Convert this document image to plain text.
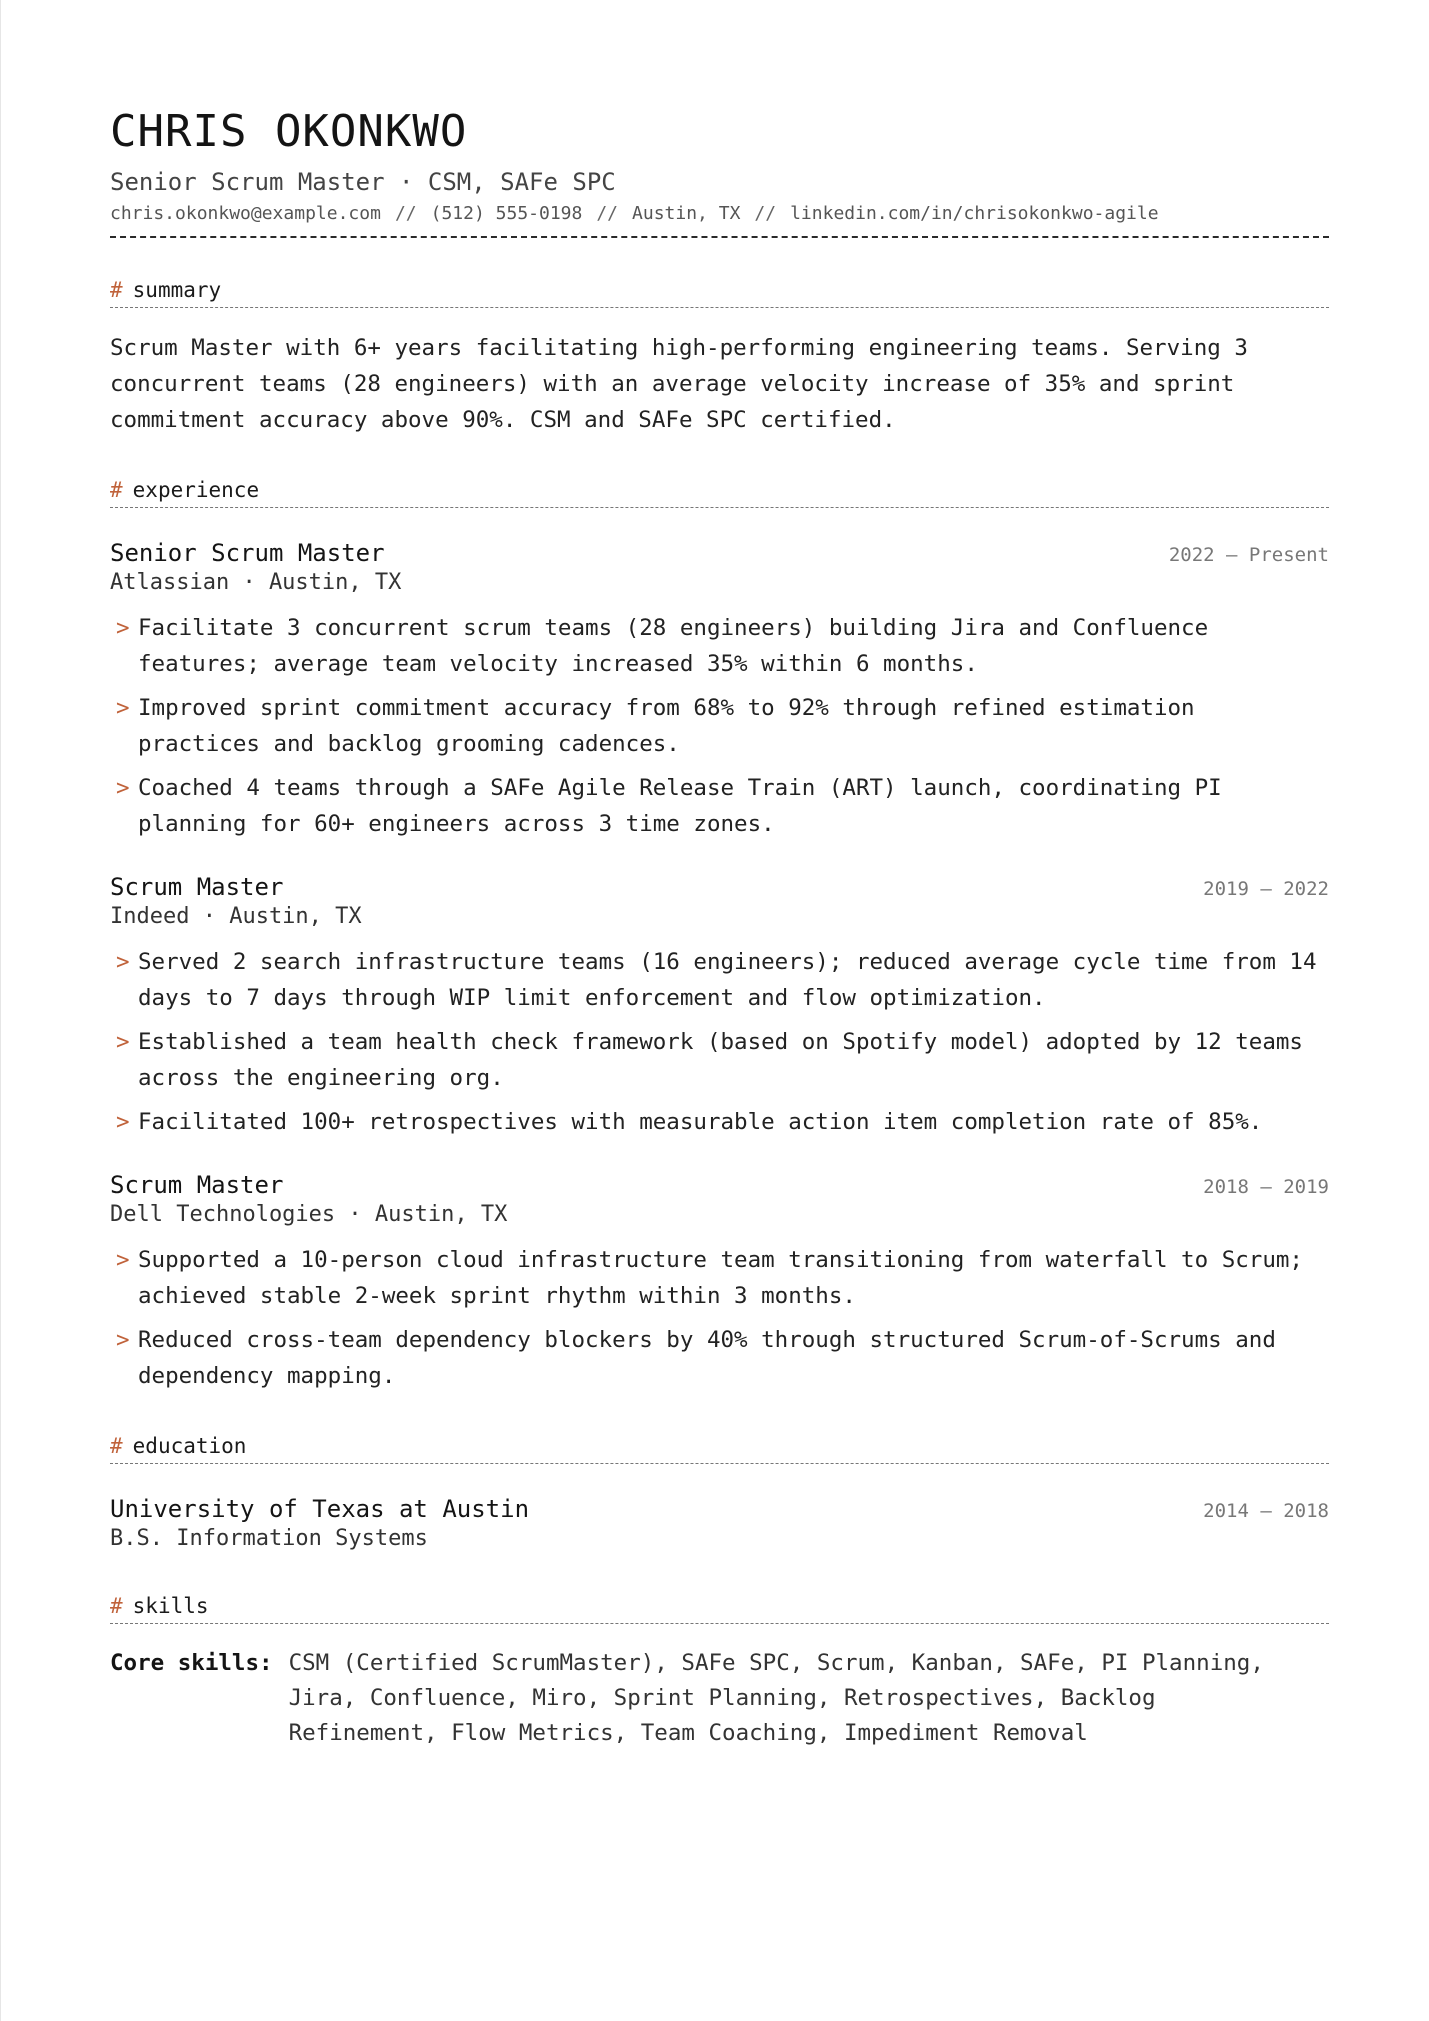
CHRIS OKONKWO
Senior Scrum Master · CSM, SAFe SPC
chris.okonkwo@example.com // (512) 555-0198 // Austin, TX // linkedin.com/in/chrisokonkwo-agile
# summary
Scrum Master with 6+ years facilitating high-performing engineering teams. Serving 3 concurrent teams (28 engineers) with an average velocity increase of 35% and sprint commitment accuracy above 90%. CSM and SAFe SPC certified.
# experience
Senior Scrum Master	2022 – Present
Atlassian · Austin, TX
> Facilitate 3 concurrent scrum teams (28 engineers) building Jira and Confluence features; average team velocity increased 35% within 6 months.
> Improved sprint commitment accuracy from 68% to 92% through refined estimation practices and backlog grooming cadences.
> Coached 4 teams through a SAFe Agile Release Train (ART) launch, coordinating PI planning for 60+ engineers across 3 time zones.
Scrum Master	2019 – 2022
Indeed · Austin, TX
> Served 2 search infrastructure teams (16 engineers); reduced average cycle time from 14 days to 7 days through WIP limit enforcement and flow optimization.
> Established a team health check framework (based on Spotify model) adopted by 12 teams across the engineering org.
> Facilitated 100+ retrospectives with measurable action item completion rate of 85%.
Scrum Master	2018 – 2019
Dell Technologies · Austin, TX
> Supported a 10-person cloud infrastructure team transitioning from waterfall to Scrum; achieved stable 2-week sprint rhythm within 3 months.
> Reduced cross-team dependency blockers by 40% through structured Scrum-of-Scrums and dependency mapping.
# education
University of Texas at Austin	2014 – 2018
B.S. Information Systems
# skills
Core skills: CSM (Certified ScrumMaster), SAFe SPC, Scrum, Kanban, SAFe, PI Planning, Jira, Confluence, Miro, Sprint Planning, Retrospectives, Backlog Refinement, Flow Metrics, Team Coaching, Impediment Removal
